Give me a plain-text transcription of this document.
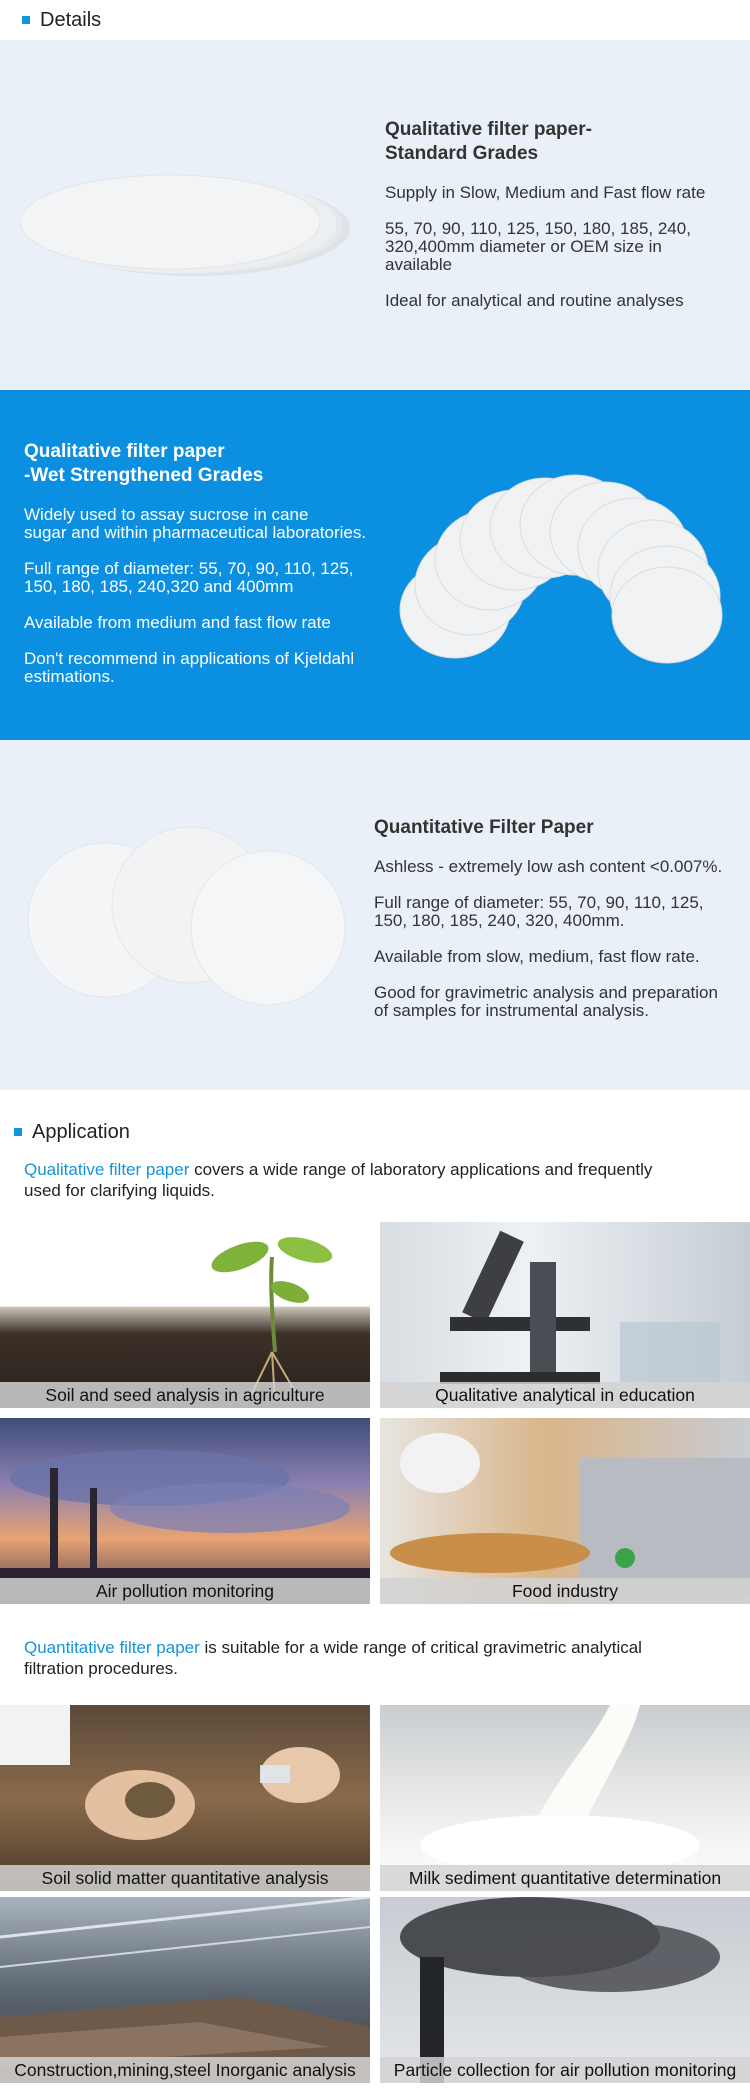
Details
Qualitative filter paper-
Standard Grades

Supply in Slow, Medium and Fast flow rate

55, 70, 90, 110, 125, 150, 180, 185, 240,
320,400mm diameter or OEM size in
available

Ideal for analytical and routine analyses

Qualitative filter paper
-Wet Strengthened Grades

Widely used to assay sucrose in cane
sugar and within pharmaceutical laboratories.

Full range of diameter: 55, 70, 90, 110, 125,
150, 180, 185, 240,320 and 400mm

Available from medium and fast flow rate

Don't recommend in applications of Kjeldahl
estimations.

Quantitative Filter Paper

Ashless - extremely low ash content <0.007%.

Full range of diameter: 55, 70, 90, 110, 125,
150, 180, 185, 240, 320, 400mm.

Available from slow, medium, fast flow rate.

Good for gravimetric analysis and preparation
of samples for instrumental analysis.

Application
Qualitative filter paper covers a wide range of laboratory applications and frequently
used for clarifying liquids.
Soil and seed analysis in agriculture	Qualitative analytical in education
Air pollution monitoring	Food industry
Quantitative filter paper is suitable for a wide range of critical gravimetric analytical
filtration procedures.
Soil solid matter quantitative analysis	Milk sediment quantitative determination
Construction,mining,steel Inorganic analysis	Particle collection for air pollution monitoring
